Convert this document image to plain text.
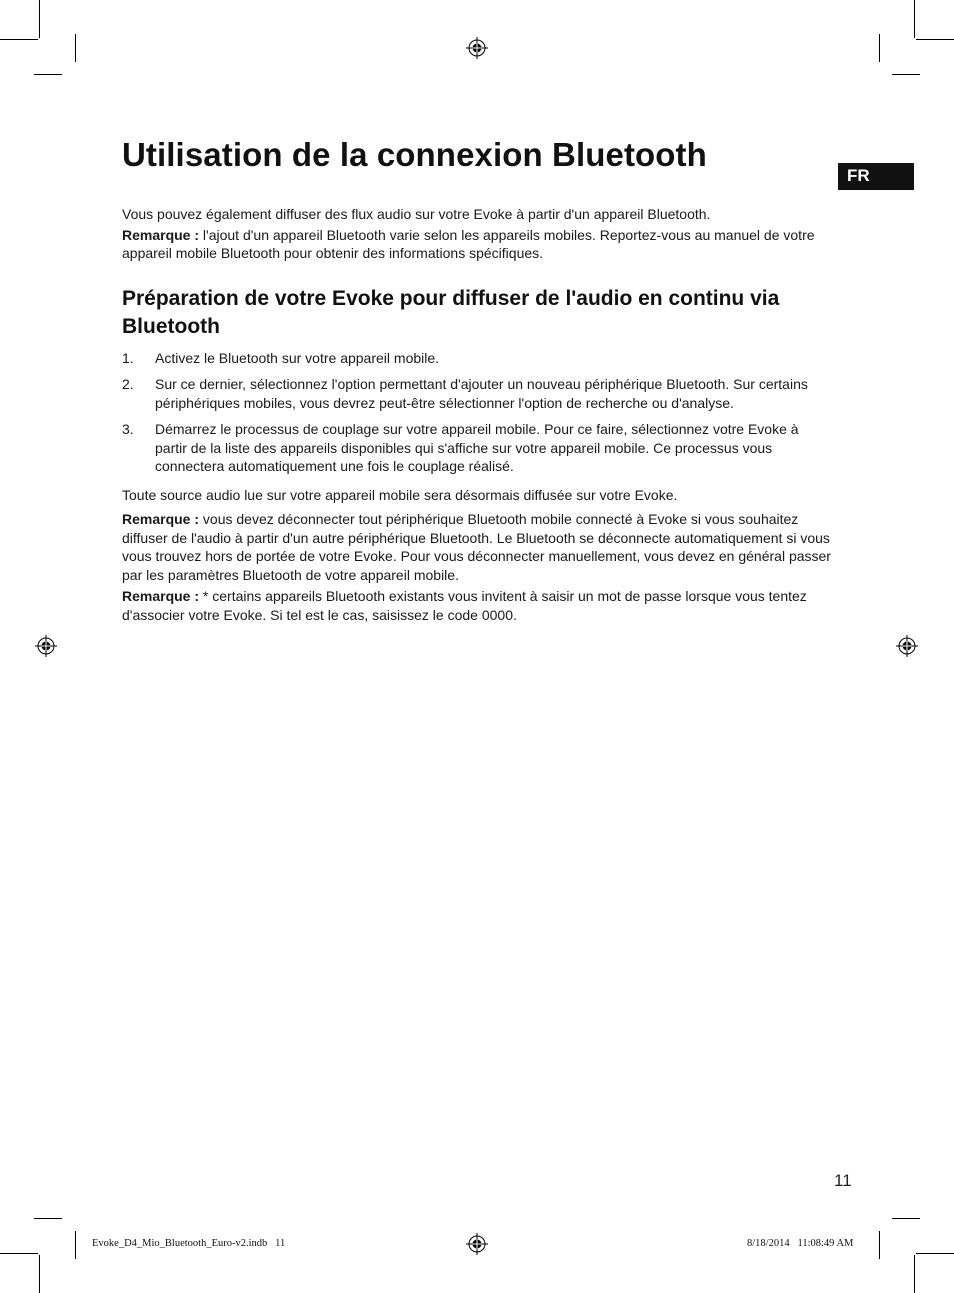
Utilisation de la connexion Bluetooth
FR

Vous pouvez également diffuser des flux audio sur votre Evoke à partir d'un appareil Bluetooth.

Remarque : l'ajout d'un appareil Bluetooth varie selon les appareils mobiles. Reportez-vous au manuel de votre appareil mobile Bluetooth pour obtenir des informations spécifiques.

Préparation de votre Evoke pour diffuser de l'audio en continu via Bluetooth
1.	Activez le Bluetooth sur votre appareil mobile.
2.	Sur ce dernier, sélectionnez l'option permettant d'ajouter un nouveau périphérique Bluetooth. Sur certains périphériques mobiles, vous devrez peut-être sélectionner l'option de recherche ou d'analyse.
3.	Démarrez le processus de couplage sur votre appareil mobile. Pour ce faire, sélectionnez votre Evoke à partir de la liste des appareils disponibles qui s'affiche sur votre appareil mobile. Ce processus vous connectera automatiquement une fois le couplage réalisé.

Toute source audio lue sur votre appareil mobile sera désormais diffusée sur votre Evoke.

Remarque : vous devez déconnecter tout périphérique Bluetooth mobile connecté à Evoke si vous souhaitez diffuser de l'audio à partir d'un autre périphérique Bluetooth. Le Bluetooth se déconnecte automatiquement si vous vous trouvez hors de portée de votre Evoke. Pour vous déconnecter manuellement, vous devez en général passer par les paramètres Bluetooth de votre appareil mobile.

Remarque : * certains appareils Bluetooth existants vous invitent à saisir un mot de passe lorsque vous tentez d'associer votre Evoke. Si tel est le cas, saisissez le code 0000.

11
Evoke_D4_Mio_Bluetooth_Euro-v2.indb   11	8/18/2014   11:08:49 AM
